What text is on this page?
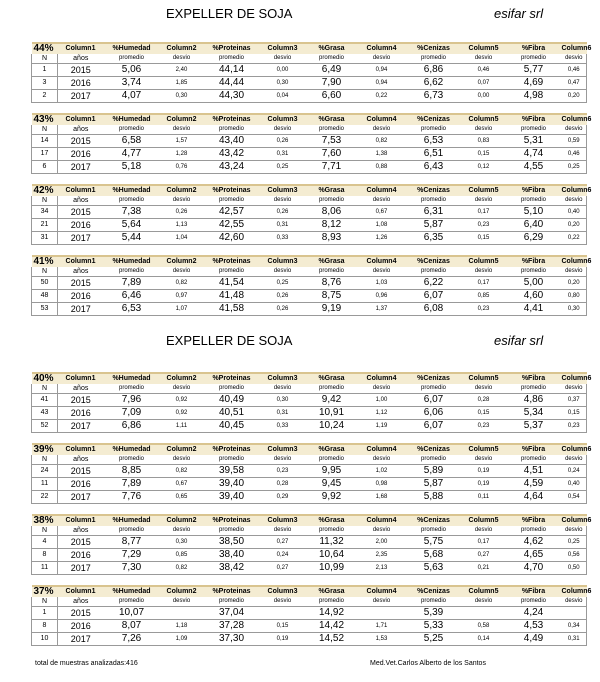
EXPELLER DE SOJA	esifar srl
44%	Column1	%Humedad	Column2	%Proteinas	Column3	%Grasa	Column4	%Cenizas	Column5	%Fibra	Column6
N	años	promedio	desvio	promedio	desvio	promedio	desvio	promedio	desvio	promedio	desvio
1	2015	5,06	2,40	44,14	0,00	6,49	0,94	6,86	0,46	5,77	0,46
3	2016	3,74	1,85	44,44	0,30	7,90	0,94	6,62	0,07	4,69	0,47
2	2017	4,07	0,30	44,30	0,04	6,60	0,22	6,73	0,00	4,98	0,20
43%	Column1	%Humedad	Column2	%Proteinas	Column3	%Grasa	Column4	%Cenizas	Column5	%Fibra	Column6
N	años	promedio	desvio	promedio	desvio	promedio	desvio	promedio	desvio	promedio	desvio
14	2015	6,58	1,57	43,40	0,26	7,53	0,82	6,53	0,83	5,31	0,59
17	2016	4,77	1,28	43,42	0,31	7,60	1,38	6,51	0,15	4,74	0,46
6	2017	5,18	0,76	43,24	0,25	7,71	0,88	6,43	0,12	4,55	0,25
42%	Column1	%Humedad	Column2	%Proteinas	Column3	%Grasa	Column4	%Cenizas	Column5	%Fibra	Column6
N	años	promedio	desvio	promedio	desvio	promedio	desvio	promedio	desvio	promedio	desvio
34	2015	7,38	0,26	42,57	0,26	8,06	0,67	6,31	0,17	5,10	0,40
21	2016	5,64	1,13	42,55	0,31	8,12	1,08	5,87	0,23	6,40	0,20
31	2017	5,44	1,04	42,60	0,33	8,93	1,26	6,35	0,15	6,29	0,22
41%	Column1	%Humedad	Column2	%Proteinas	Column3	%Grasa	Column4	%Cenizas	Column5	%Fibra	Column6
N	años	promedio	desvio	promedio	desvio	promedio	desvio	promedio	desvio	promedio	desvio
50	2015	7,89	0,82	41,54	0,25	8,76	1,03	6,22	0,17	5,00	0,20
48	2016	6,46	0,97	41,48	0,26	8,75	0,96	6,07	0,85	4,60	0,80
53	2017	6,53	1,07	41,58	0,26	9,19	1,37	6,08	0,23	4,41	0,30
EXPELLER DE SOJA	esifar srl
40%	Column1	%Humedad	Column2	%Proteinas	Column3	%Grasa	Column4	%Cenizas	Column5	%Fibra	Column6
N	años	promedio	desvio	promedio	desvio	promedio	desvio	promedio	desvio	promedio	desvio
41	2015	7,96	0,92	40,49	0,30	9,42	1,00	6,07	0,28	4,86	0,37
43	2016	7,09	0,92	40,51	0,31	10,91	1,12	6,06	0,15	5,34	0,15
52	2017	6,86	1,11	40,45	0,33	10,24	1,19	6,07	0,23	5,37	0,23
39%	Column1	%Humedad	Column2	%Proteinas	Column3	%Grasa	Column4	%Cenizas	Column5	%Fibra	Column6
N	años	promedio	desvio	promedio	desvio	promedio	desvio	promedio	desvio	promedio	desvio
24	2015	8,85	0,82	39,58	0,23	9,95	1,02	5,89	0,19	4,51	0,24
11	2016	7,89	0,67	39,40	0,28	9,45	0,98	5,87	0,19	4,59	0,40
22	2017	7,76	0,65	39,40	0,29	9,92	1,68	5,88	0,11	4,64	0,54
38%	Column1	%Humedad	Column2	%Proteinas	Column3	%Grasa	Column4	%Cenizas	Column5	%Fibra	Column6
N	años	promedio	desvio	promedio	desvio	promedio	desvio	promedio	desvio	promedio	desvio
4	2015	8,77	0,30	38,50	0,27	11,32	2,00	5,75	0,17	4,62	0,25
8	2016	7,29	0,85	38,40	0,24	10,64	2,35	5,68	0,27	4,65	0,56
11	2017	7,30	0,82	38,42	0,27	10,99	2,13	5,63	0,21	4,70	0,50
37%	Column1	%Humedad	Column2	%Proteinas	Column3	%Grasa	Column4	%Cenizas	Column5	%Fibra	Column6
N	años	promedio	desvio	promedio	desvio	promedio	desvio	promedio	desvio	promedio	desvio
1	2015	10,07		37,04		14,92		5,39		4,24	
8	2016	8,07	1,18	37,28	0,15	14,42	1,71	5,33	0,58	4,53	0,34
10	2017	7,26	1,09	37,30	0,19	14,52	1,53	5,25	0,14	4,49	0,31
total de muestras analizadas:416	Med.Vet.Carlos Alberto de los Santos
